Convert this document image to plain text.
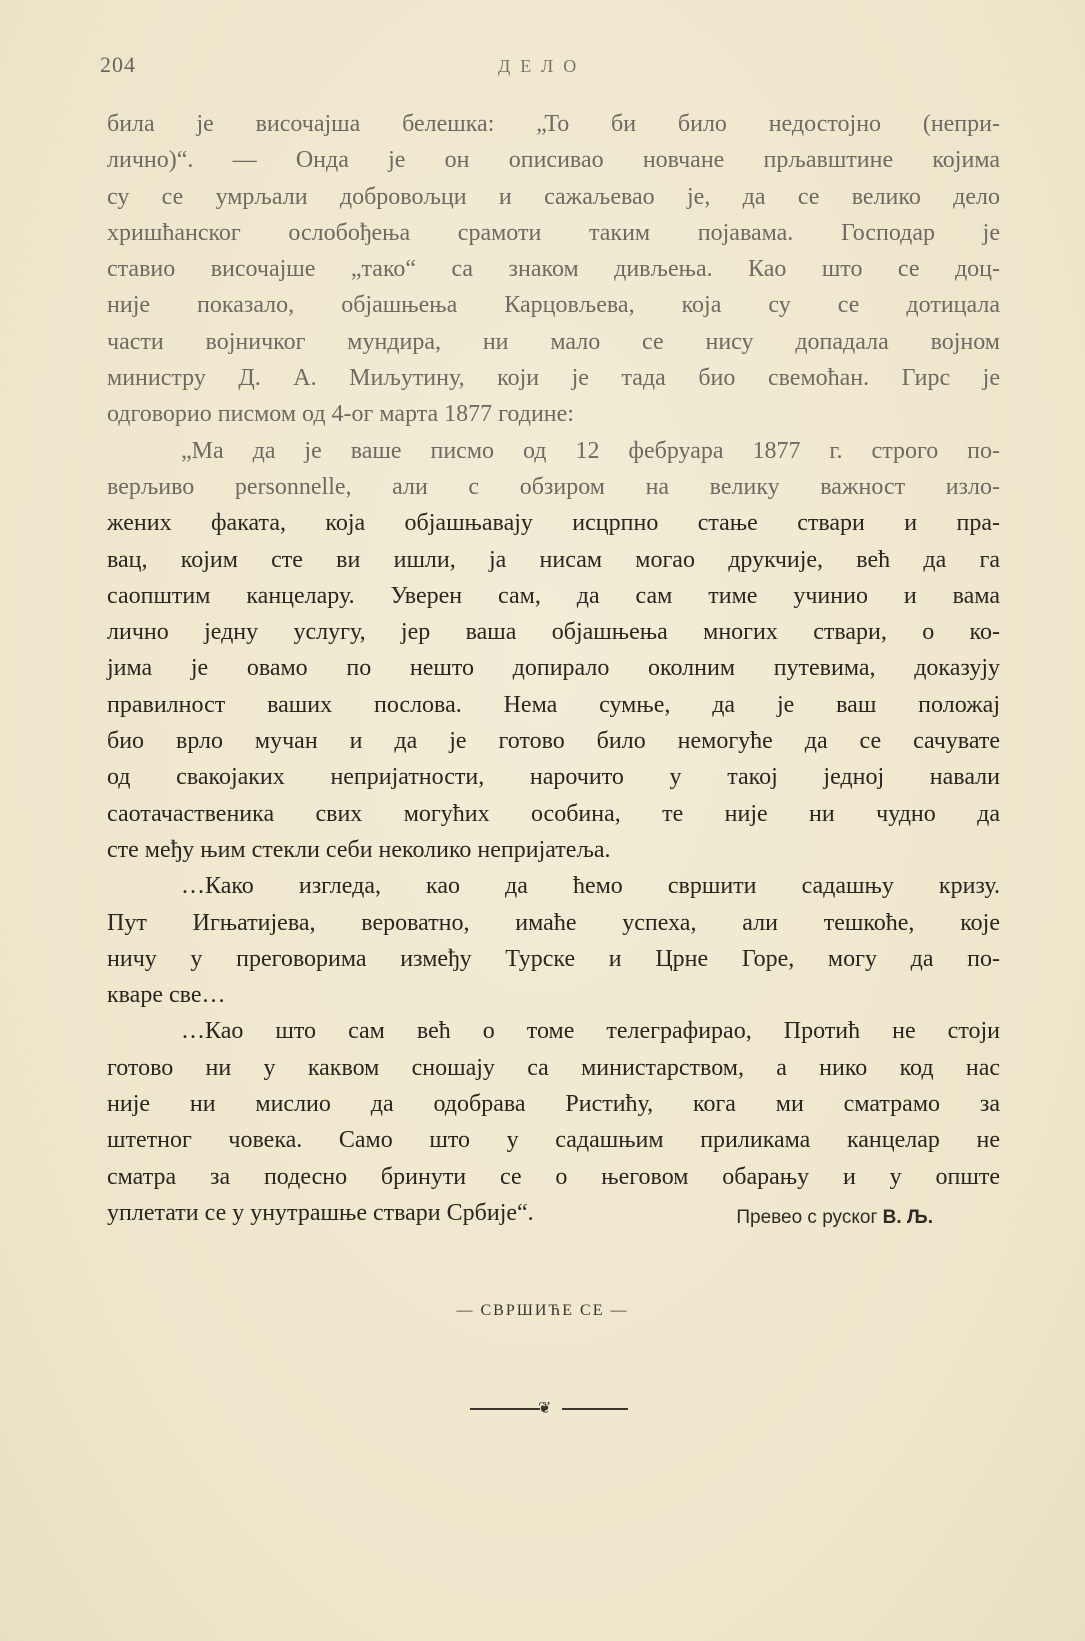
204	ДЕЛО
била је височајша белешка: „То би било недостојно (непри-
лично)“. — Онда је он описивао новчане прљавштине којима
су се умрљали добровољци и сажаљевао је, да се велико дело
хришћанског ослобођења срамоти таким појавама. Господар је
ставио височајше „тако“ са знаком дивљења. Као што се доц-
није показало, објашњења Карцовљева, која су се дотицала
части војничког мундира, ни мало се нису допадала војном
министру Д. А. Миљутину, који је тада био свемоћан. Гирс је
одговорио писмом од 4-ог марта 1877 године:
„Ма да је ваше писмо од 12 фебруара 1877 г. строго по-
верљиво personnelle, али с обзиром на велику важност изло-
жених факата, која објашњавају исцрпно стање ствари и пра-
вац, којим сте ви ишли, ја нисам могао друкчије, већ да га
саопштим канцелару. Уверен сам, да сам тиме учинио и вама
лично једну услугу, јер ваша објашњења многих ствари, о ко-
јима је овамо по нешто допирало околним путевима, доказују
правилност ваших послова. Нема сумње, да је ваш положај
био врло мучан и да је готово било немогуће да се сачувате
од свакојаких непријатности, нарочито у такој једној навали
саотачаственика свих могућих особина, те није ни чудно да
сте међу њим стекли себи неколико непријатеља.
…Како изгледа, као да ћемо свршити садашњу кризу.
Пут Игњатијева, вероватно, имаће успеха, али тешкоће, које
ничу у преговорима између Турске и Црне Горе, могу да по-
кваре све…
…Као што сам већ о томе телеграфирао, Протић не стоји
готово ни у каквом сношају са министарством, а нико код нас
није ни мислио да одобрава Ристићу, кога ми сматрамо за
штетног човека. Само што у садашњим приликама канцелар не
сматра за подесно бринути се о његовом обарању и у опште
уплетати се у унутрашње ствари Србије“.	Превео с руског В. Љ.
— СВРШИЋЕ СЕ —
❦
